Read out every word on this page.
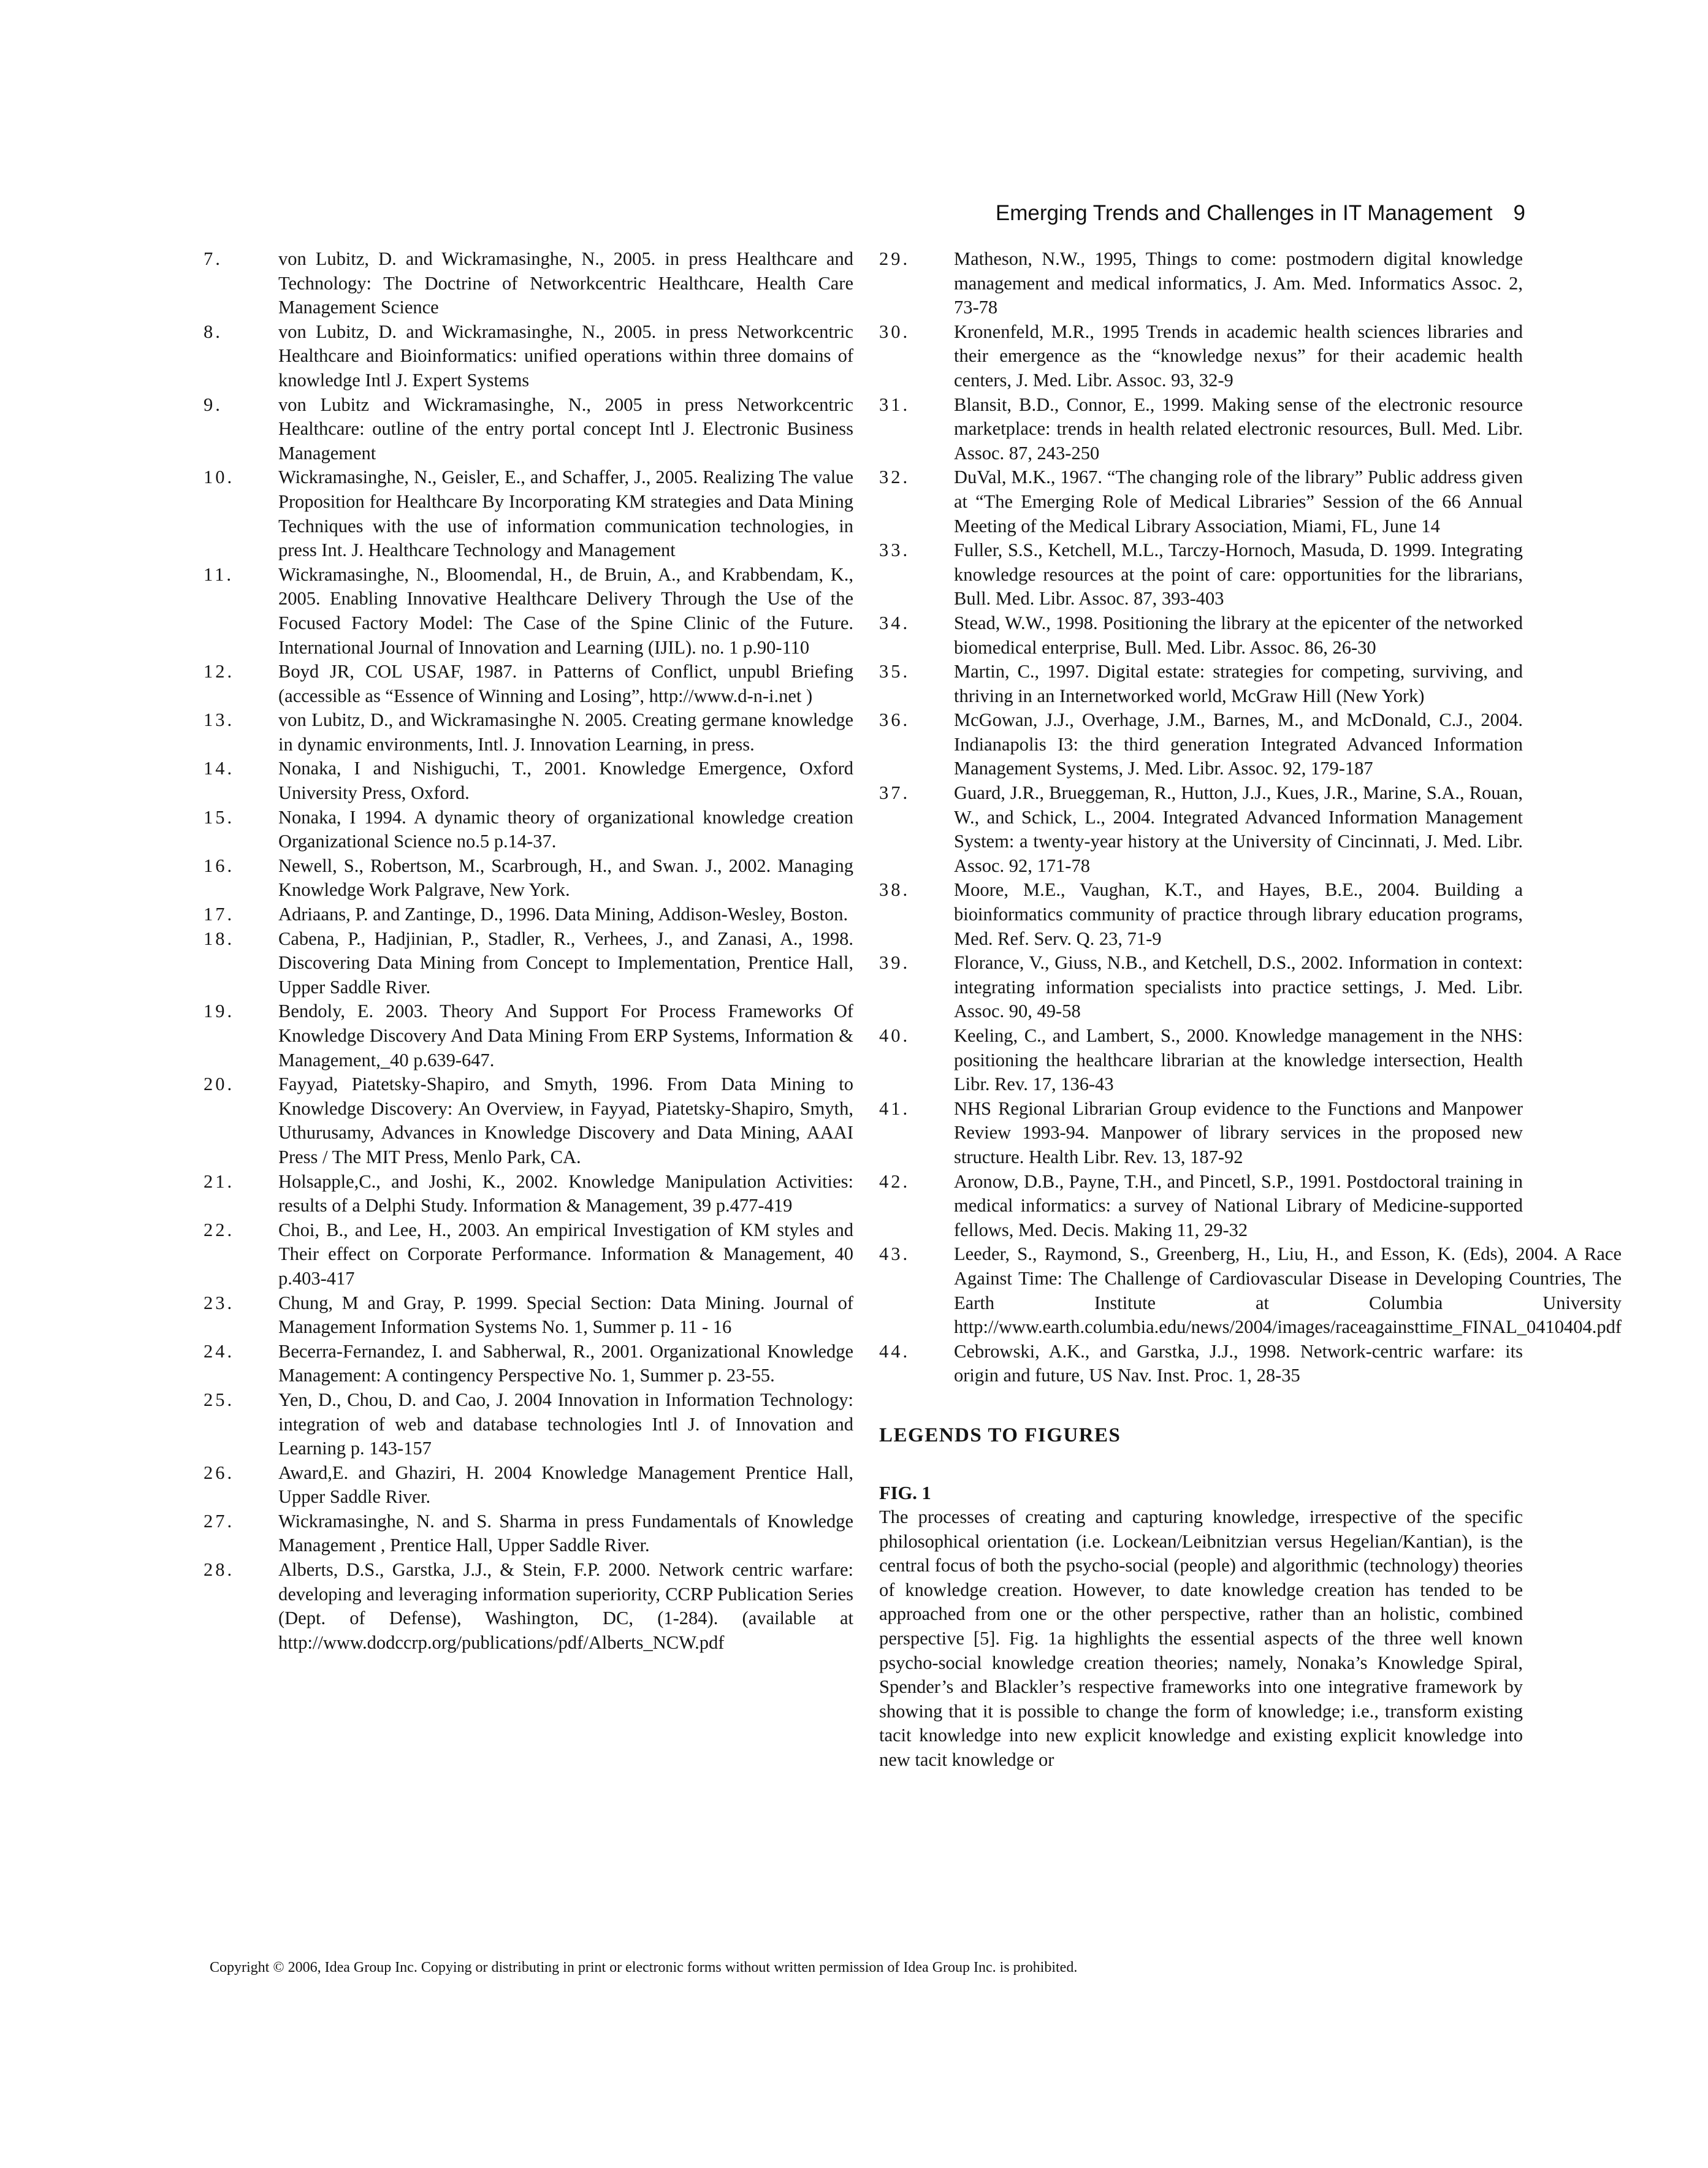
Emerging Trends and Challenges in IT Management 9
7.	von Lubitz, D. and Wickramasinghe, N., 2005. in press Healthcare and Technology: The Doctrine of Networkcentric Healthcare, Health Care Management Science
8.	von Lubitz, D. and Wickramasinghe, N., 2005. in press Networkcentric Healthcare and Bioinformatics: unified operations within three domains of knowledge Intl J. Expert Systems
9.	von Lubitz and Wickramasinghe, N., 2005 in press Networkcentric Healthcare: outline of the entry portal concept Intl J. Electronic Business Management
10.	Wickramasinghe, N., Geisler, E., and Schaffer, J., 2005. Realizing The value Proposition for Healthcare By Incorporating KM strategies and Data Mining Techniques with the use of information communication technologies, in press Int. J. Healthcare Technology and Management
11.	Wickramasinghe, N., Bloomendal, H., de Bruin, A., and Krabbendam, K., 2005. Enabling Innovative Healthcare Delivery Through the Use of the Focused Factory Model: The Case of the Spine Clinic of the Future. International Journal of Innovation and Learning (IJIL). no. 1 p.90-110
12.	Boyd JR, COL USAF, 1987. in Patterns of Conflict, unpubl Briefing (accessible as “Essence of Winning and Losing”, http://www.d-n-i.net )
13.	von Lubitz, D., and Wickramasinghe N. 2005. Creating germane knowledge in dynamic environments, Intl. J. Innovation Learning, in press.
14.	Nonaka, I and Nishiguchi, T., 2001. Knowledge Emergence, Oxford University Press, Oxford.
15.	Nonaka, I 1994. A dynamic theory of organizational knowledge creation Organizational Science no.5 p.14-37.
16.	Newell, S., Robertson, M., Scarbrough, H., and Swan. J., 2002. Managing Knowledge Work Palgrave, New York.
17.	Adriaans, P. and Zantinge, D., 1996. Data Mining, Addison-Wesley, Boston.
18.	Cabena, P., Hadjinian, P., Stadler, R., Verhees, J., and Zanasi, A., 1998. Discovering Data Mining from Concept to Implementation, Prentice Hall, Upper Saddle River.
19.	Bendoly, E. 2003. Theory And Support For Process Frameworks Of Knowledge Discovery And Data Mining From ERP Systems, Information & Management,_40 p.639-647.
20.	Fayyad, Piatetsky-Shapiro, and Smyth, 1996. From Data Mining to Knowledge Discovery: An Overview, in Fayyad, Piatetsky-Shapiro, Smyth, Uthurusamy, Advances in Knowledge Discovery and Data Mining, AAAI Press / The MIT Press, Menlo Park, CA.
21.	Holsapple,C., and Joshi, K., 2002. Knowledge Manipulation Activities: results of a Delphi Study. Information & Management, 39 p.477-419
22.	Choi, B., and Lee, H., 2003. An empirical Investigation of KM styles and Their effect on Corporate Performance. Information & Management, 40 p.403-417
23.	Chung, M and Gray, P. 1999. Special Section: Data Mining. Journal of Management Information Systems No. 1, Summer p. 11 - 16
24.	Becerra-Fernandez, I. and Sabherwal, R., 2001. Organizational Knowledge Management: A contingency Perspective No. 1, Summer p. 23-55.
25.	Yen, D., Chou, D. and Cao, J. 2004 Innovation in Information Technology: integration of web and database technologies Intl J. of Innovation and Learning p. 143-157
26.	Award,E. and Ghaziri, H. 2004 Knowledge Management Prentice Hall, Upper Saddle River.
27.	Wickramasinghe, N. and S. Sharma in press Fundamentals of Knowledge Management , Prentice Hall, Upper Saddle River.
28.	Alberts, D.S., Garstka, J.J., & Stein, F.P. 2000. Network centric warfare: developing and leveraging information superiority, CCRP Publication Series (Dept. of Defense), Washington, DC, (1-284). (available at http://www.dodccrp.org/publications/pdf/Alberts_NCW.pdf
29.	Matheson, N.W., 1995, Things to come: postmodern digital knowledge management and medical informatics, J. Am. Med. Informatics Assoc. 2, 73-78
30.	Kronenfeld, M.R., 1995 Trends in academic health sciences libraries and their emergence as the “knowledge nexus” for their academic health centers, J. Med. Libr. Assoc. 93, 32-9
31.	Blansit, B.D., Connor, E., 1999. Making sense of the electronic resource marketplace: trends in health related electronic resources, Bull. Med. Libr. Assoc. 87, 243-250
32.	DuVal, M.K., 1967. “The changing role of the library” Public address given at “The Emerging Role of Medical Libraries” Session of the 66 Annual Meeting of the Medical Library Association, Miami, FL, June 14
33.	Fuller, S.S., Ketchell, M.L., Tarczy-Hornoch, Masuda, D. 1999. Integrating knowledge resources at the point of care: opportunities for the librarians, Bull. Med. Libr. Assoc. 87, 393-403
34.	Stead, W.W., 1998. Positioning the library at the epicenter of the networked biomedical enterprise, Bull. Med. Libr. Assoc. 86, 26-30
35.	Martin, C., 1997. Digital estate: strategies for competing, surviving, and thriving in an Internetworked world, McGraw Hill (New York)
36.	McGowan, J.J., Overhage, J.M., Barnes, M., and McDonald, C.J., 2004. Indianapolis I3: the third generation Integrated Advanced Information Management Systems, J. Med. Libr. Assoc. 92, 179-187
37.	Guard, J.R., Brueggeman, R., Hutton, J.J., Kues, J.R., Marine, S.A., Rouan, W., and Schick, L., 2004. Integrated Advanced Information Management System: a twenty-year history at the University of Cincinnati, J. Med. Libr. Assoc. 92, 171-78
38.	Moore, M.E., Vaughan, K.T., and Hayes, B.E., 2004. Building a bioinformatics community of practice through library education programs, Med. Ref. Serv. Q. 23, 71-9
39.	Florance, V., Giuss, N.B., and Ketchell, D.S., 2002. Information in context: integrating information specialists into practice settings, J. Med. Libr. Assoc. 90, 49-58
40.	Keeling, C., and Lambert, S., 2000. Knowledge management in the NHS: positioning the healthcare librarian at the knowledge intersection, Health Libr. Rev. 17, 136-43
41.	NHS Regional Librarian Group evidence to the Functions and Manpower Review 1993-94. Manpower of library services in the proposed new structure. Health Libr. Rev. 13, 187-92
42.	Aronow, D.B., Payne, T.H., and Pincetl, S.P., 1991. Postdoctoral training in medical informatics: a survey of National Library of Medicine-supported fellows, Med. Decis. Making 11, 29-32
43.	Leeder, S., Raymond, S., Greenberg, H., Liu, H., and Esson, K. (Eds), 2004. A Race Against Time: The Challenge of Cardiovascular Disease in Developing Countries, The Earth Institute at Columbia University http://www.earth.columbia.edu/news/2004/images/raceagainsttime_FINAL_0410404.pdf
44.	Cebrowski, A.K., and Garstka, J.J., 1998. Network-centric warfare: its origin and future, US Nav. Inst. Proc. 1, 28-35
LEGENDS TO FIGURES
FIG. 1
The processes of creating and capturing knowledge, irrespective of the specific philosophical orientation (i.e. Lockean/Leibnitzian versus Hegelian/Kantian), is the central focus of both the psycho-social (people) and algorithmic (technology) theories of knowledge creation. However, to date knowledge creation has tended to be approached from one or the other perspective, rather than an holistic, combined perspective [5]. Fig. 1a highlights the essential aspects of the three well known psycho-social knowledge creation theories; namely, Nonaka’s Knowledge Spiral, Spender’s and Blackler’s respective frameworks into one integrative framework by showing that it is possible to change the form of knowledge; i.e., transform existing tacit knowledge into new explicit knowledge and existing explicit knowledge into new tacit knowledge or
Copyright © 2006, Idea Group Inc. Copying or distributing in print or electronic forms without written permission of Idea Group Inc. is prohibited.
